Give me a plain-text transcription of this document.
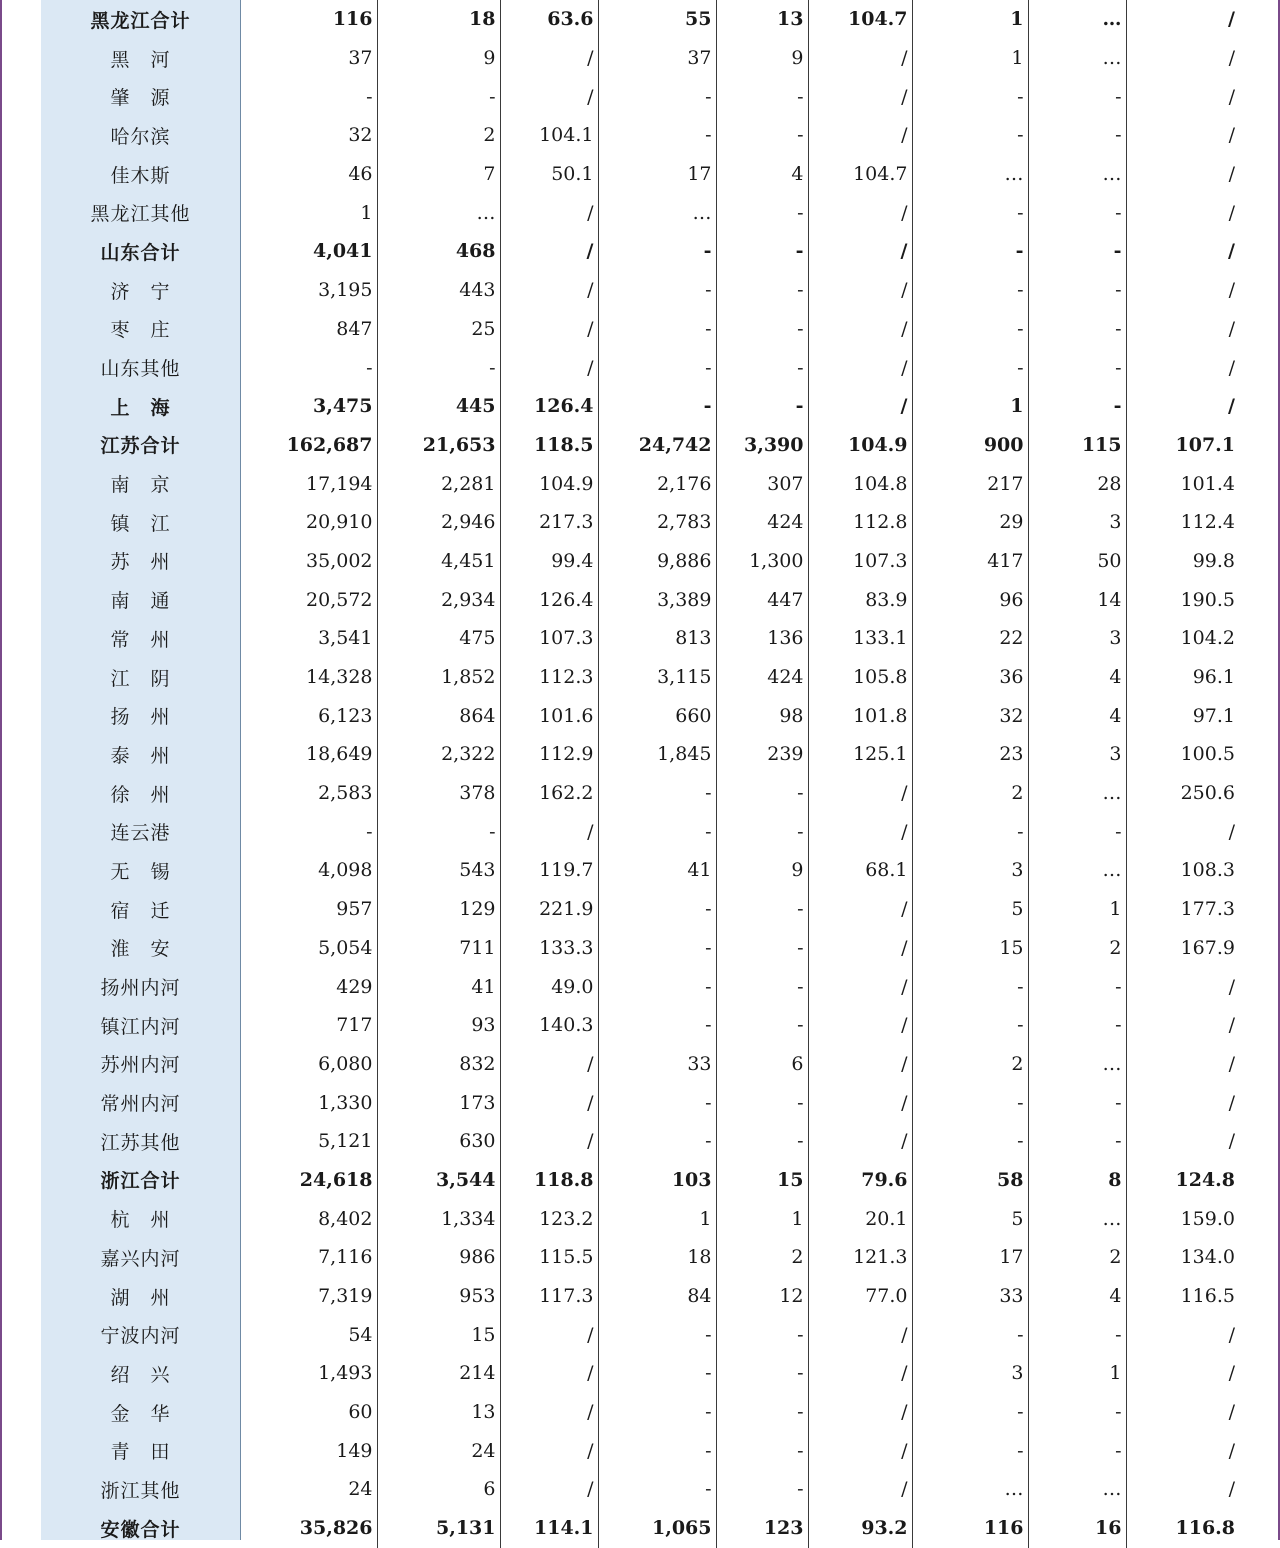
黑龙江合计	116	18	63.6	55	13	104.7	1	…	/
黑　河	37	9	/	37	9	/	1	…	/
肇　源	-	-	/	-	-	/	-	-	/
哈尔滨	32	2	104.1	-	-	/	-	-	/
佳木斯	46	7	50.1	17	4	104.7	…	…	/
黑龙江其他	1	…	/	…	-	/	-	-	/
山东合计	4,041	468	/	-	-	/	-	-	/
济　宁	3,195	443	/	-	-	/	-	-	/
枣　庄	847	25	/	-	-	/	-	-	/
山东其他	-	-	/	-	-	/	-	-	/
上　海	3,475	445	126.4	-	-	/	1	-	/
江苏合计	162,687	21,653	118.5	24,742	3,390	104.9	900	115	107.1
南　京	17,194	2,281	104.9	2,176	307	104.8	217	28	101.4
镇　江	20,910	2,946	217.3	2,783	424	112.8	29	3	112.4
苏　州	35,002	4,451	99.4	9,886	1,300	107.3	417	50	99.8
南　通	20,572	2,934	126.4	3,389	447	83.9	96	14	190.5
常　州	3,541	475	107.3	813	136	133.1	22	3	104.2
江　阴	14,328	1,852	112.3	3,115	424	105.8	36	4	96.1
扬　州	6,123	864	101.6	660	98	101.8	32	4	97.1
泰　州	18,649	2,322	112.9	1,845	239	125.1	23	3	100.5
徐　州	2,583	378	162.2	-	-	/	2	…	250.6
连云港	-	-	/	-	-	/	-	-	/
无　锡	4,098	543	119.7	41	9	68.1	3	…	108.3
宿　迁	957	129	221.9	-	-	/	5	1	177.3
淮　安	5,054	711	133.3	-	-	/	15	2	167.9
扬州内河	429	41	49.0	-	-	/	-	-	/
镇江内河	717	93	140.3	-	-	/	-	-	/
苏州内河	6,080	832	/	33	6	/	2	…	/
常州内河	1,330	173	/	-	-	/	-	-	/
江苏其他	5,121	630	/	-	-	/	-	-	/
浙江合计	24,618	3,544	118.8	103	15	79.6	58	8	124.8
杭　州	8,402	1,334	123.2	1	1	20.1	5	…	159.0
嘉兴内河	7,116	986	115.5	18	2	121.3	17	2	134.0
湖　州	7,319	953	117.3	84	12	77.0	33	4	116.5
宁波内河	54	15	/	-	-	/	-	-	/
绍　兴	1,493	214	/	-	-	/	3	1	/
金　华	60	13	/	-	-	/	-	-	/
青　田	149	24	/	-	-	/	-	-	/
浙江其他	24	6	/	-	-	/	…	…	/
安徽合计	35,826	5,131	114.1	1,065	123	93.2	116	16	116.8
